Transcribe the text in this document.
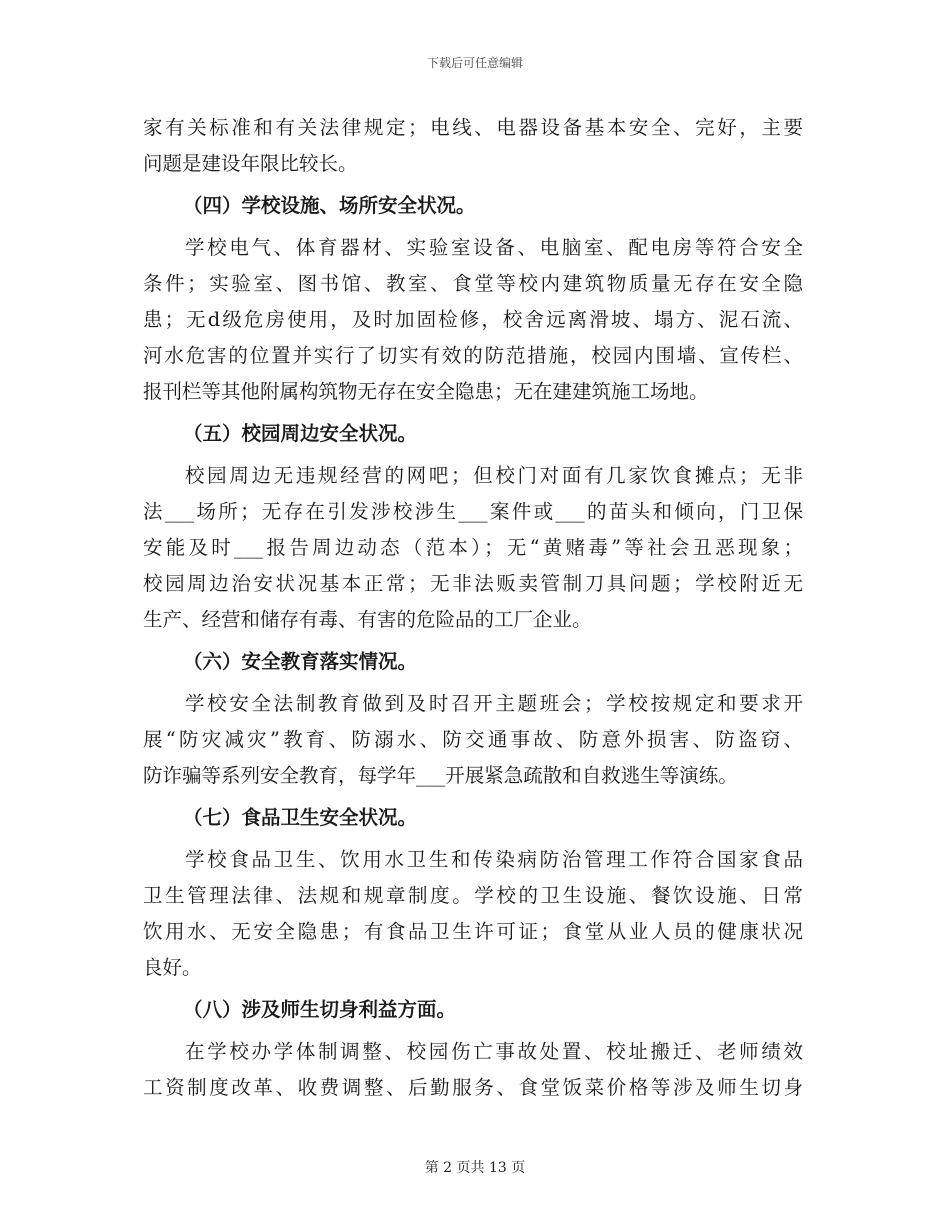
下载后可任意编辑
家有关标准和有关法律规定；电线、电器设备基本安全、完好，主要
问题是建设年限比较长。
（四）学校设施、场所安全状况。
学校电气、体育器材、实验室设备、电脑室、配电房等符合安全
条件；实验室、图书馆、教室、食堂等校内建筑物质量无存在安全隐
患；无d级危房使用，及时加固检修，校舍远离滑坡、塌方、泥石流、
河水危害的位置并实行了切实有效的防范措施，校园内围墙、宣传栏、
报刊栏等其他附属构筑物无存在安全隐患；无在建建筑施工场地。
（五）校园周边安全状况。
校园周边无违规经营的网吧；但校门对面有几家饮食摊点；无非
法___场所；无存在引发涉校涉生___案件或___的苗头和倾向，门卫保
安能及时___报告周边动态（范本）；无“黄赌毒”等社会丑恶现象；
校园周边治安状况基本正常；无非法贩卖管制刀具问题；学校附近无
生产、经营和储存有毒、有害的危险品的工厂企业。
（六）安全教育落实情况。
学校安全法制教育做到及时召开主题班会；学校按规定和要求开
展“防灾减灾”教育、防溺水、防交通事故、防意外损害、防盗窃、
防诈骗等系列安全教育，每学年___开展紧急疏散和自救逃生等演练。
（七）食品卫生安全状况。
学校食品卫生、饮用水卫生和传染病防治管理工作符合国家食品
卫生管理法律、法规和规章制度。学校的卫生设施、餐饮设施、日常
饮用水、无安全隐患；有食品卫生许可证；食堂从业人员的健康状况
良好。
（八）涉及师生切身利益方面。
在学校办学体制调整、校园伤亡事故处置、校址搬迁、老师绩效
工资制度改革、收费调整、后勤服务、食堂饭菜价格等涉及师生切身
第 2 页共 13 页
